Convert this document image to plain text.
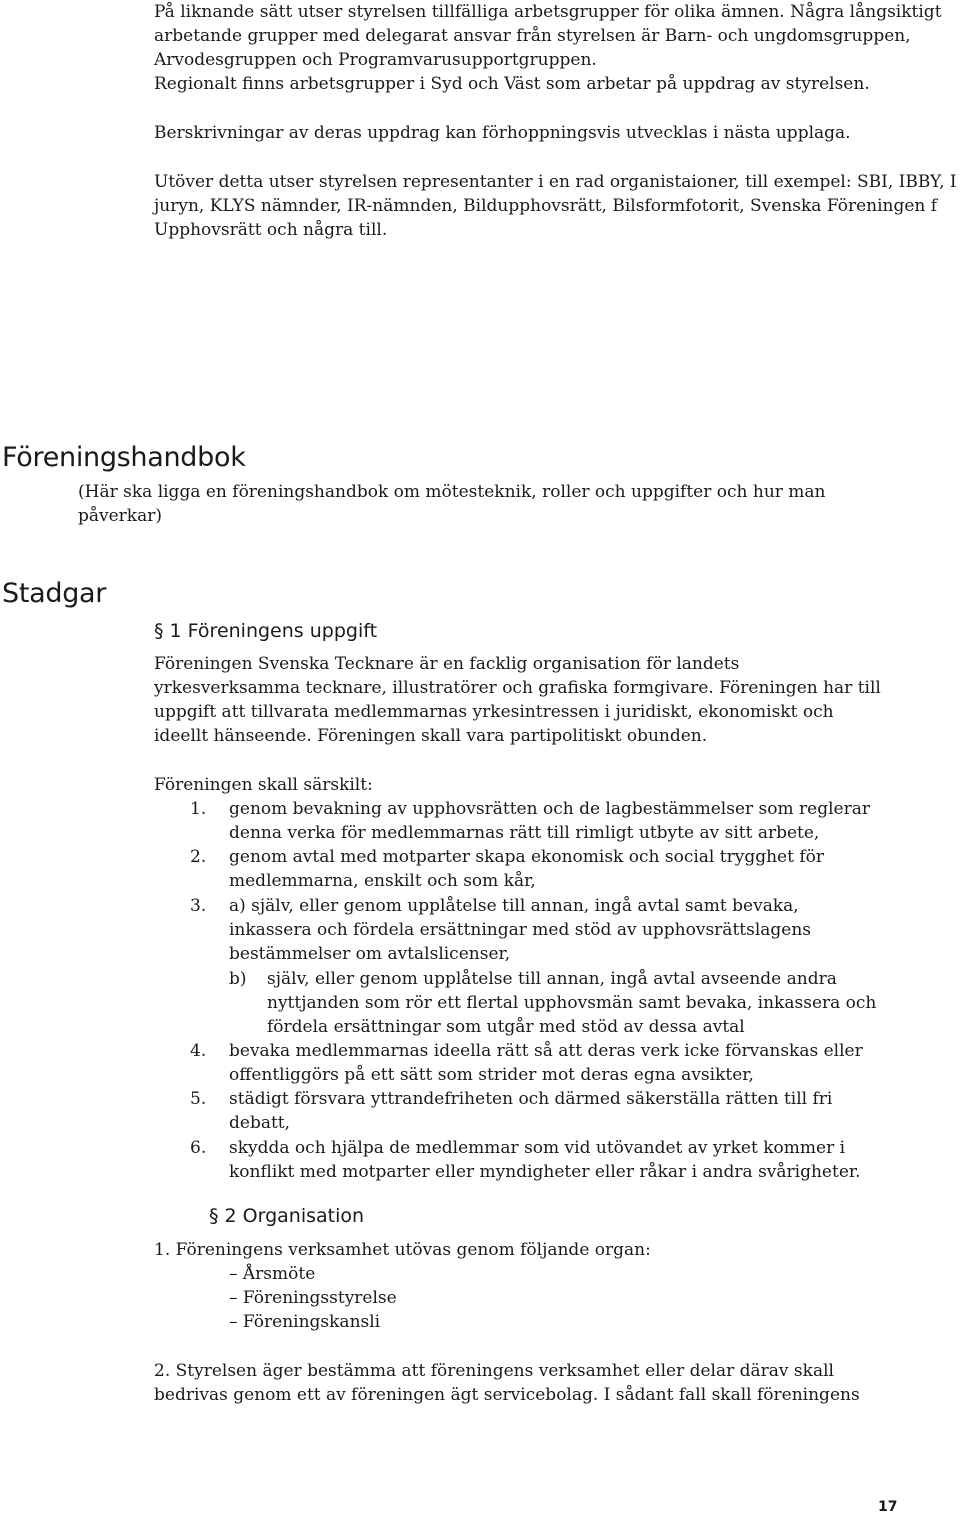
På liknande sätt utser styrelsen tillfälliga arbetsgrupper för olika ämnen. Några långsiktigt
arbetande grupper med delegarat ansvar från styrelsen är Barn- och ungdomsgruppen,
Arvodesgruppen och Programvarusupportgruppen.
Regionalt finns arbetsgrupper i Syd och Väst som arbetar på uppdrag av styrelsen.
Berskrivningar av deras uppdrag kan förhoppningsvis utvecklas i nästa upplaga.
Utöver detta utser styrelsen representanter i en rad organistaioner, till exempel: SBI, IBBY, I
juryn, KLYS nämnder, IR-nämnden, Bildupphovsrätt, Bilsformfotorit, Svenska Föreningen f
Upphovsrätt och några till.
Föreningshandbok
(Här ska ligga en föreningshandbok om mötesteknik, roller och uppgifter och hur man
påverkar)
Stadgar
§ 1 Föreningens uppgift
Föreningen Svenska Tecknare är en facklig organisation för landets
yrkesverksamma tecknare, illustratörer och grafiska formgivare. Föreningen har till
uppgift att tillvarata medlemmarnas yrkesintressen i juridiskt, ekonomiskt och
ideellt hänseende. Föreningen skall vara partipolitiskt obunden.
Föreningen skall särskilt:
1. genom bevakning av upphovsrätten och de lagbestämmelser som reglerar
denna verka för medlemmarnas rätt till rimligt utbyte av sitt arbete,
2. genom avtal med motparter skapa ekonomisk och social trygghet för
medlemmarna, enskilt och som kår,
3. a) själv, eller genom upplåtelse till annan, ingå avtal samt bevaka,
inkassera och fördela ersättningar med stöd av upphovsrättslagens
bestämmelser om avtalslicenser,
b) själv, eller genom upplåtelse till annan, ingå avtal avseende andra
nyttjanden som rör ett flertal upphovsmän samt bevaka, inkassera och
fördela ersättningar som utgår med stöd av dessa avtal
4. bevaka medlemmarnas ideella rätt så att deras verk icke förvanskas eller
offentliggörs på ett sätt som strider mot deras egna avsikter,
5. städigt försvara yttrandefriheten och därmed säkerställa rätten till fri
debatt,
6. skydda och hjälpa de medlemmar som vid utövandet av yrket kommer i
konflikt med motparter eller myndigheter eller råkar i andra svårigheter.
§ 2 Organisation
1. Föreningens verksamhet utövas genom följande organ:
– Årsmöte
– Föreningsstyrelse
– Föreningskansli
2. Styrelsen äger bestämma att föreningens verksamhet eller delar därav skall
bedrivas genom ett av föreningen ägt servicebolag. I sådant fall skall föreningens
17
